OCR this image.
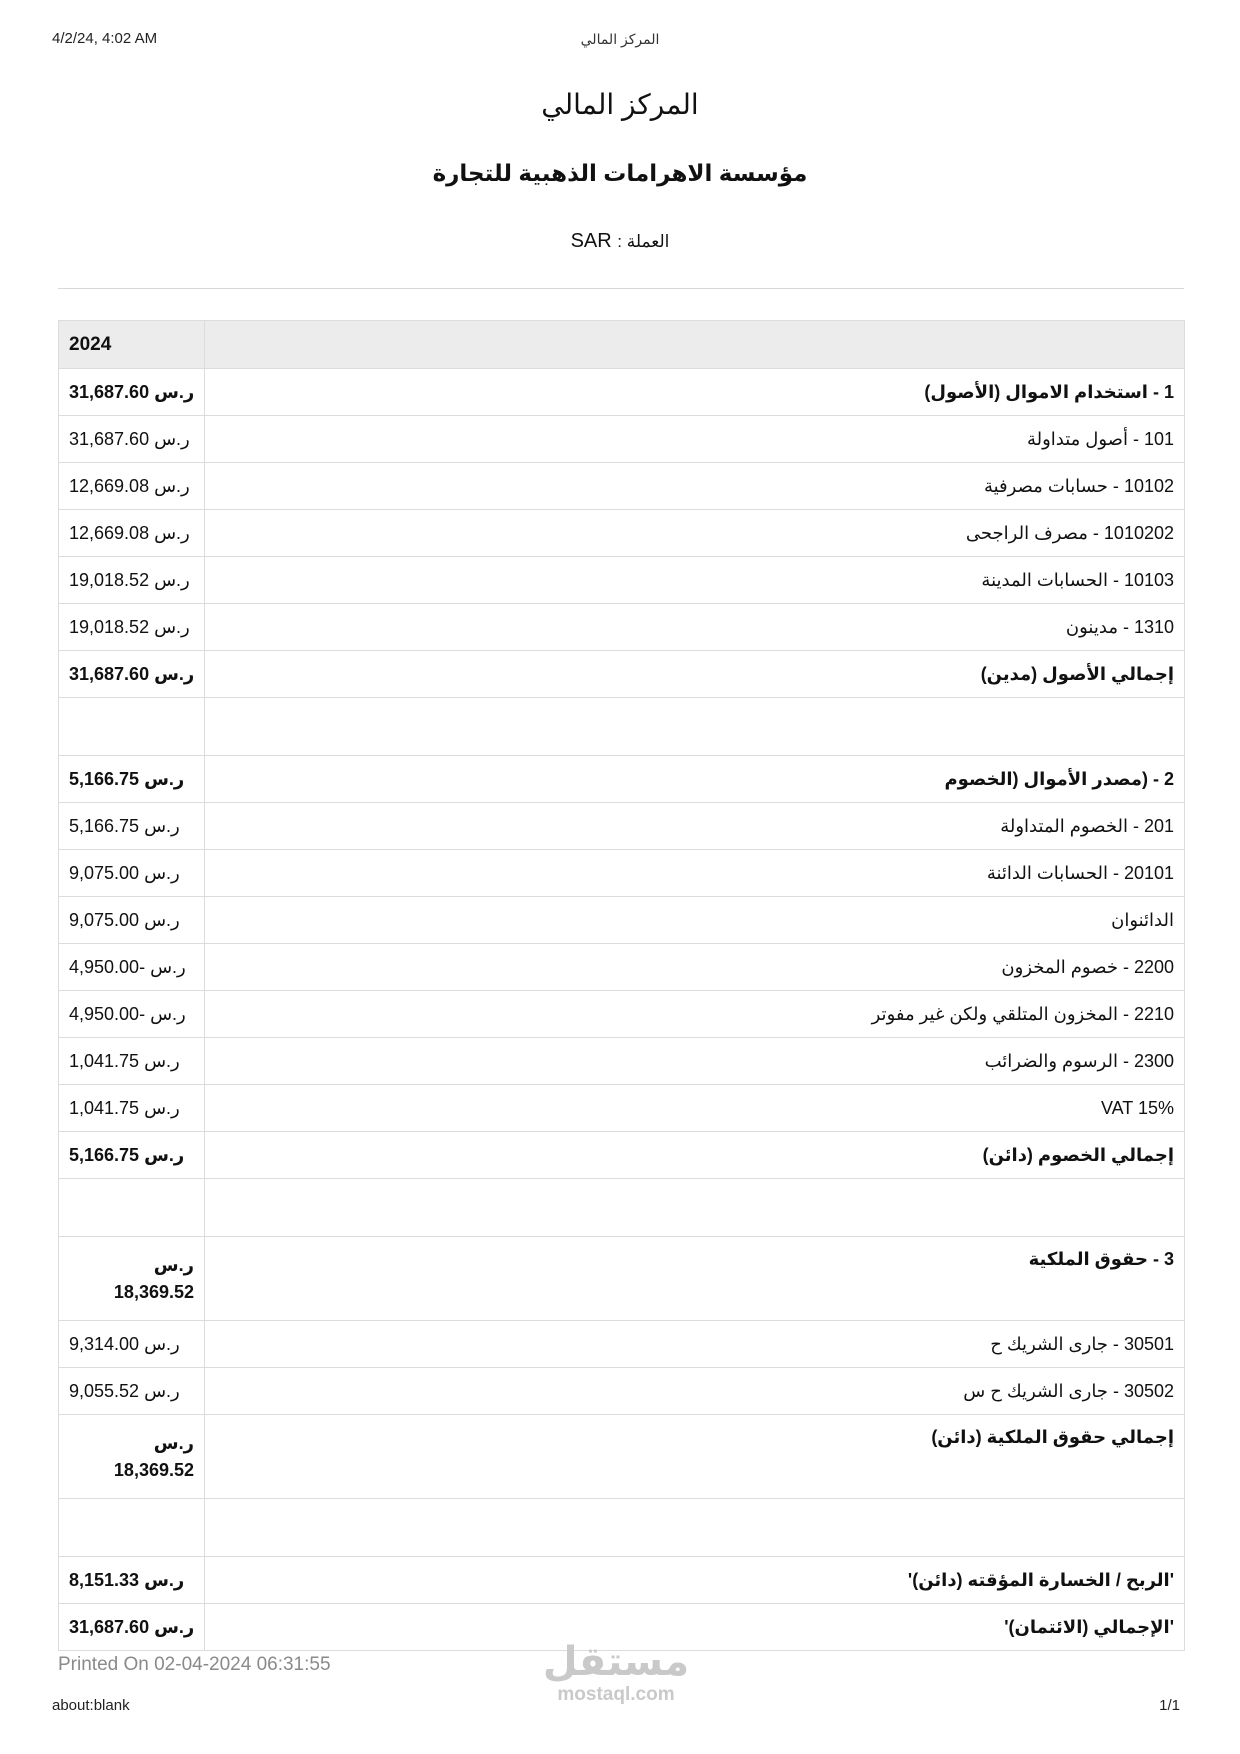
4/2/24, 4:02 AM	المركز المالي
المركز المالي
مؤسسة الاهرامات الذهبية للتجارة
العملة : SAR
2024	
ر.س 31,687.60	1 - استخدام الاموال (الأصول)
ر.س 31,687.60	101 - أصول متداولة
ر.س 12,669.08	10102 - حسابات مصرفية
ر.س 12,669.08	1010202 - مصرف الراجحى
ر.س 19,018.52	10103 - الحسابات المدينة
ر.س 19,018.52	1310 - مدينون
ر.س 31,687.60	إجمالي الأصول (مدين)

ر.س 5,166.75	2 - (مصدر الأموال (الخصوم
ر.س 5,166.75	201 - الخصوم المتداولة
ر.س 9,075.00	20101 - الحسابات الدائنة
ر.س 9,075.00	الدائنوان
ر.س -4,950.00	2200 - خصوم المخزون
ر.س -4,950.00	2210 - المخزون المتلقي ولكن غير مفوتر
ر.س 1,041.75	2300 - الرسوم والضرائب
ر.س 1,041.75	VAT 15%
ر.س 5,166.75	إجمالي الخصوم (دائن)

ر.س
18,369.52	3 - حقوق الملكية
ر.س 9,314.00	30501 - جارى الشريك ح
ر.س 9,055.52	30502 - جارى الشريك ح س
ر.س
18,369.52	إجمالي حقوق الملكية (دائن)

ر.س 8,151.33	'الربح / الخسارة المؤقته (دائن)'
ر.س 31,687.60	'الإجمالي (الائتمان)'
Printed On 02-04-2024 06:31:55	مستقل
mostaql.com
about:blank	1/1
